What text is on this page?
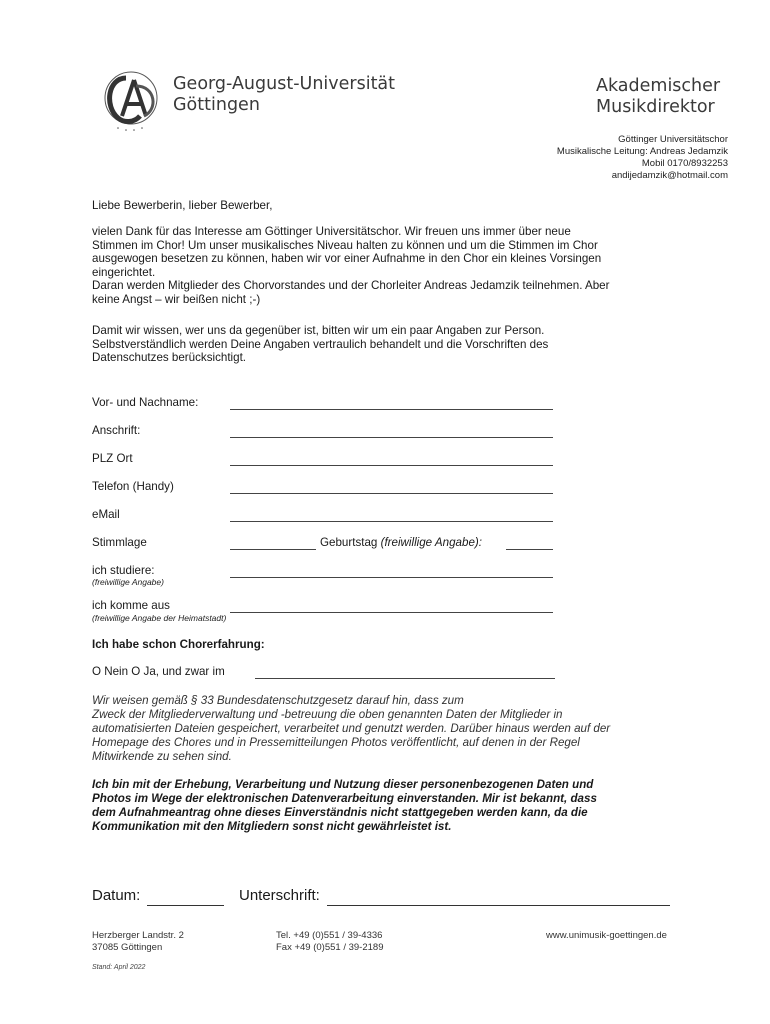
Georg-August-Universität
Göttingen
Akademischer
Musikdirektor
Göttinger Universitätschor
Musikalische Leitung: Andreas Jedamzik
Mobil 0170/8932253
andijedamzik@hotmail.com
Liebe Bewerberin, lieber Bewerber,
vielen Dank für das Interesse am Göttinger Universitätschor. Wir freuen uns immer über neue
Stimmen im Chor! Um unser musikalisches Niveau halten zu können und um die Stimmen im Chor
ausgewogen besetzen zu können, haben wir vor einer Aufnahme in den Chor ein kleines Vorsingen
eingerichtet.
Daran werden Mitglieder des Chorvorstandes und der Chorleiter Andreas Jedamzik teilnehmen. Aber
keine Angst – wir beißen nicht ;-)
Damit wir wissen, wer uns da gegenüber ist, bitten wir um ein paar Angaben zur Person.
Selbstverständlich werden Deine Angaben vertraulich behandelt und die Vorschriften des
Datenschutzes berücksichtigt.
Vor- und Nachname:
Anschrift:
PLZ Ort
Telefon (Handy)
eMail
Stimmlage	Geburtstag (freiwillige Angabe):
ich studiere:
(freiwillige Angabe)
ich komme aus
(freiwillige Angabe der Heimatstadt)
Ich habe schon Chorerfahrung:
O Nein O Ja, und zwar im
Wir weisen gemäß § 33 Bundesdatenschutzgesetz darauf hin, dass zum
Zweck der Mitgliederverwaltung und -betreuung die oben genannten Daten der Mitglieder in
automatisierten Dateien gespeichert, verarbeitet und genutzt werden. Darüber hinaus werden auf der
Homepage des Chores und in Pressemitteilungen Photos veröffentlicht, auf denen in der Regel
Mitwirkende zu sehen sind.
Ich bin mit der Erhebung, Verarbeitung und Nutzung dieser personenbezogenen Daten und
Photos im Wege der elektronischen Datenverarbeitung einverstanden. Mir ist bekannt, dass
dem Aufnahmeantrag ohne dieses Einverständnis nicht stattgegeben werden kann, da die
Kommunikation mit den Mitgliedern sonst nicht gewährleistet ist.
Datum:	Unterschrift:
Herzberger Landstr. 2
37085 Göttingen
Tel. +49 (0)551 / 39-4336
Fax +49 (0)551 / 39-2189
www.unimusik-goettingen.de
Stand: April 2022
